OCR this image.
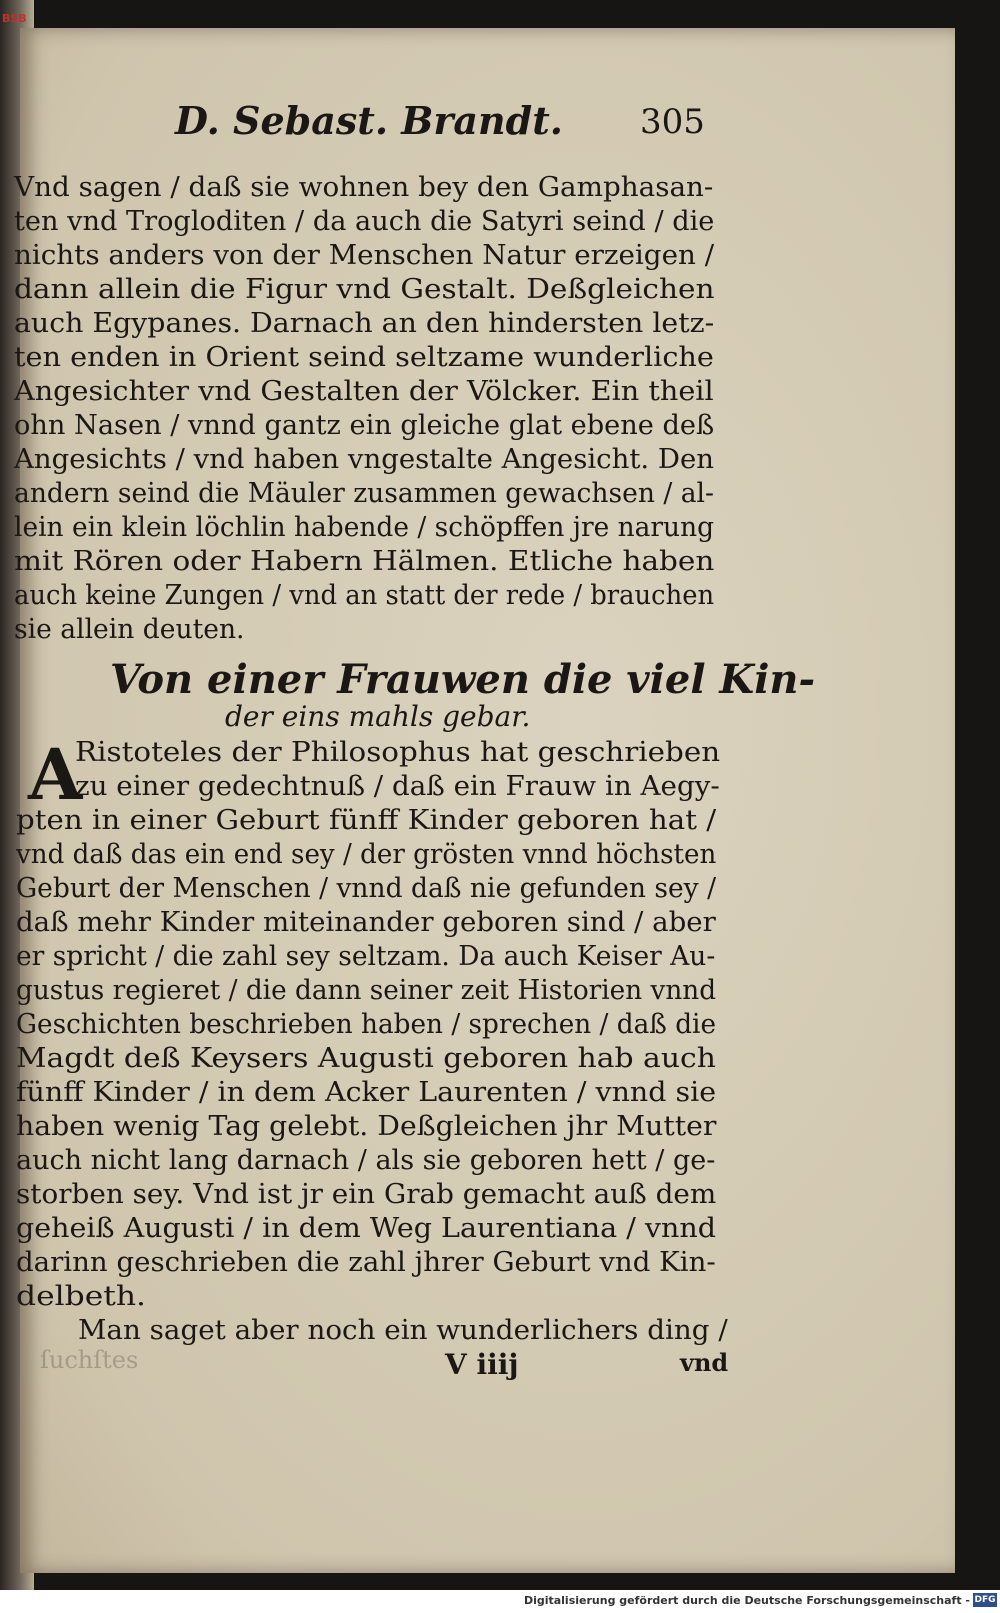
BSB
D. Sebast. Brandt. 305
Vnd sagen / daß sie wohnen bey den Gamphasan-
ten vnd Trogloditen / da auch die Satyri seind / die
nichts anders von der Menschen Natur erzeigen /
dann allein die Figur vnd Gestalt. Deßgleichen
auch Egypanes. Darnach an den hindersten letz-
ten enden in Orient seind seltzame wunderliche
Angesichter vnd Gestalten der Völcker. Ein theil
ohn Nasen / vnnd gantz ein gleiche glat ebene deß
Angesichts / vnd haben vngestalte Angesicht. Den
andern seind die Mäuler zusammen gewachsen / al-
lein ein klein löchlin habende / schöpffen jre narung
mit Rören oder Habern Hälmen. Etliche haben
auch keine Zungen / vnd an statt der rede / brauchen
sie allein deuten.
Von einer Frauwen die viel Kin-
der eins mahls gebar.
A
Ristoteles der Philosophus hat geschrieben
zu einer gedechtnuß / daß ein Frauw in Aegy-
pten in einer Geburt fünff Kinder geboren hat /
vnd daß das ein end sey / der grösten vnnd höchsten
Geburt der Menschen / vnnd daß nie gefunden sey /
daß mehr Kinder miteinander geboren sind / aber
er spricht / die zahl sey seltzam. Da auch Keiser Au-
gustus regieret / die dann seiner zeit Historien vnnd
Geschichten beschrieben haben / sprechen / daß die
Magdt deß Keysers Augusti geboren hab auch
fünff Kinder / in dem Acker Laurenten / vnnd sie
haben wenig Tag gelebt. Deßgleichen jhr Mutter
auch nicht lang darnach / als sie geboren hett / ge-
storben sey. Vnd ist jr ein Grab gemacht auß dem
geheiß Augusti / in dem Weg Laurentiana / vnnd
darinn geschrieben die zahl jhrer Geburt vnd Kin-
delbeth.
Man saget aber noch ein wunderlichers ding /
ſuchſtes	V iiij	vnd
Digitalisierung gefördert durch die Deutsche Forschungsgemeinschaft - DFG
